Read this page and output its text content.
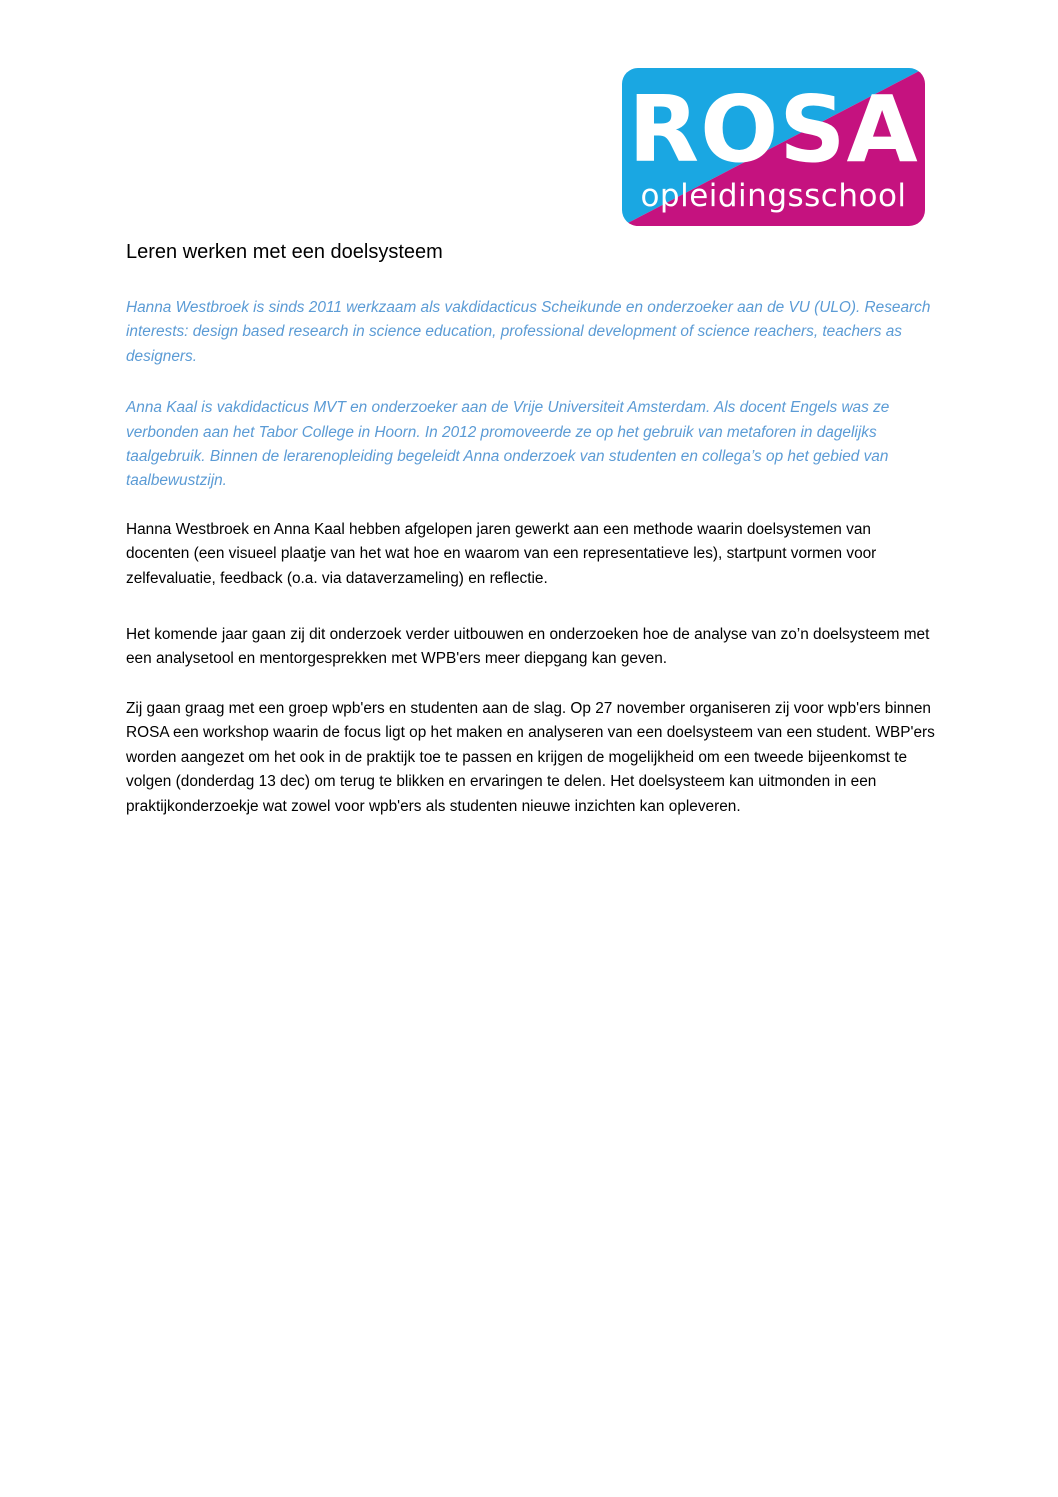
ROSA
opleidingsschool
Leren werken met een doelsysteem

Hanna Westbroek is sinds 2011 werkzaam als vakdidacticus Scheikunde en onderzoeker aan de VU (ULO). Research interests: design based research in science education, professional development of science reachers, teachers as designers.

Anna Kaal is vakdidacticus MVT en onderzoeker aan de Vrije Universiteit Amsterdam. Als docent Engels was ze verbonden aan het Tabor College in Hoorn. In 2012 promoveerde ze op het gebruik van metaforen in dagelijks taalgebruik. Binnen de lerarenopleiding begeleidt Anna onderzoek van studenten en collega’s op het gebied van taalbewustzijn.

Hanna Westbroek en Anna Kaal hebben afgelopen jaren gewerkt aan een methode waarin doelsystemen van docenten (een visueel plaatje van het wat hoe en waarom van een representatieve les), startpunt vormen voor zelfevaluatie, feedback (o.a. via dataverzameling) en reflectie.

Het komende jaar gaan zij dit onderzoek verder uitbouwen en onderzoeken hoe de analyse van zo’n doelsysteem met een analysetool en mentorgesprekken met WPB'ers meer diepgang kan geven.

Zij gaan graag met een groep wpb'ers en studenten aan de slag. Op 27 november organiseren zij voor wpb'ers binnen ROSA een workshop waarin de focus ligt op het maken en analyseren van een doelsysteem van een student. WBP'ers worden aangezet om het ook in de praktijk toe te passen en krijgen de mogelijkheid om een tweede bijeenkomst te volgen (donderdag 13 dec) om terug te blikken en ervaringen te delen. Het doelsysteem kan uitmonden in een praktijkonderzoekje wat zowel voor wpb'ers als studenten nieuwe inzichten kan opleveren.
